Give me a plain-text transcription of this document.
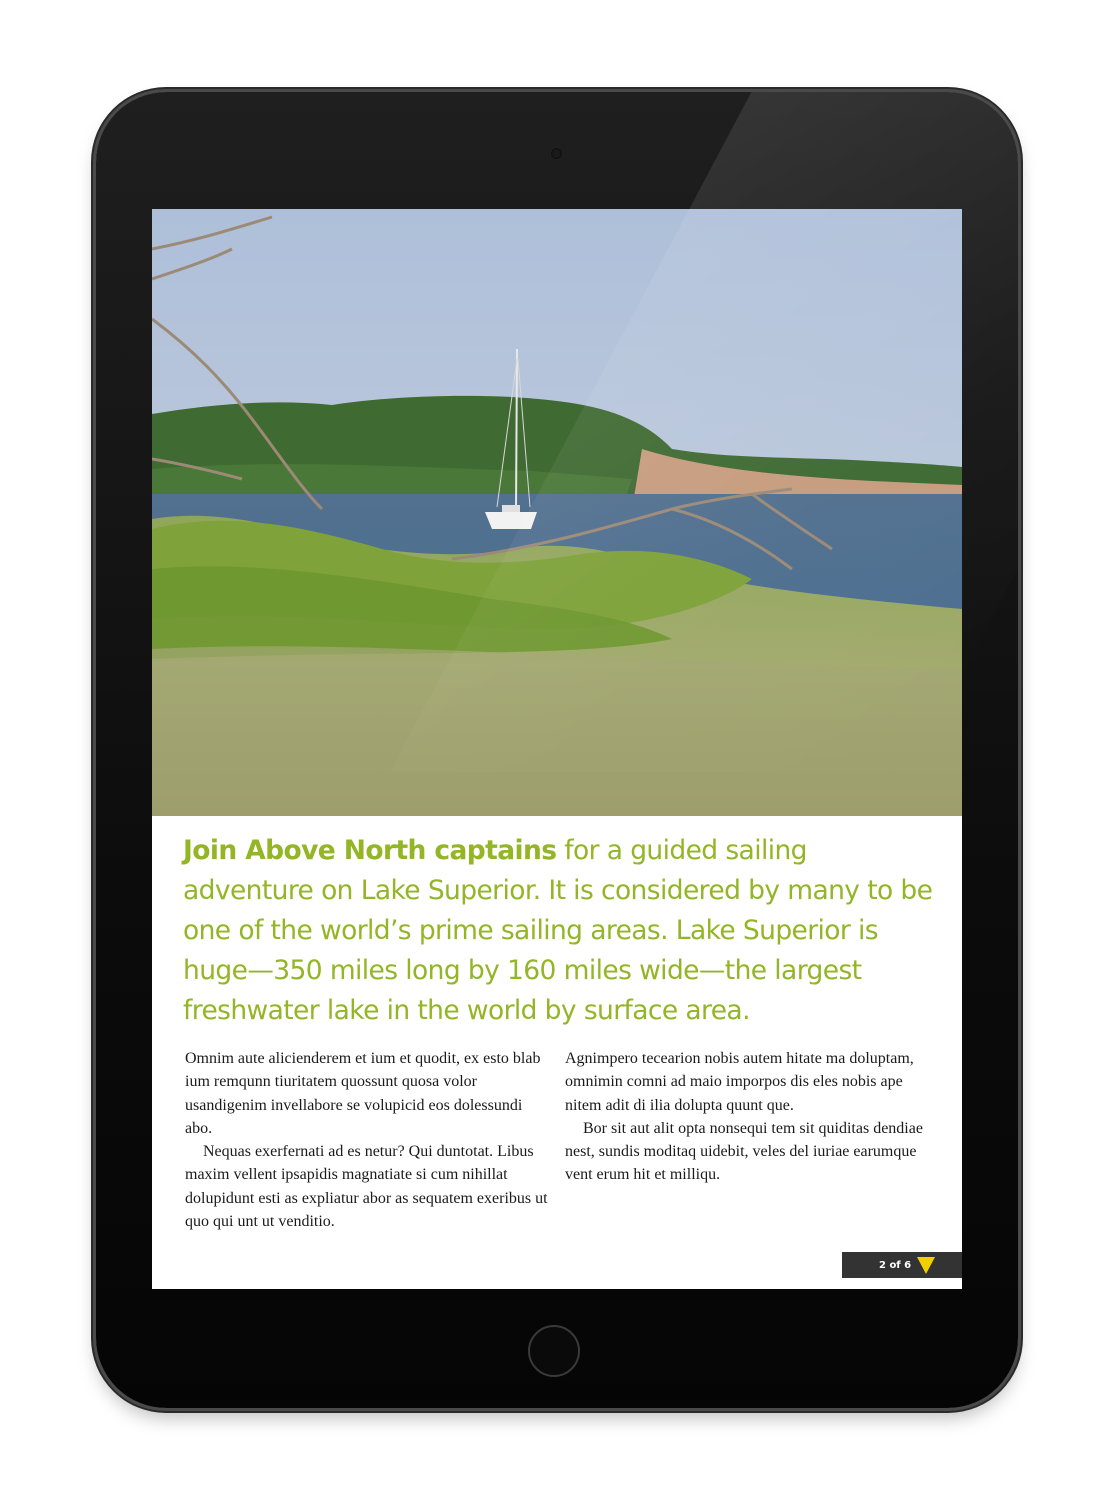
Join Above North captains for a guided sailing adventure on Lake Superior. It is considered by many to be one of the world’s prime sailing areas. Lake Superior is huge—350 miles long by 160 miles wide—the largest freshwater lake in the world by surface area.

Omnim aute alicienderem et ium et quodit, ex esto blab ium remqunn tiuritatem quossunt quosa volor usandigenim invellabore se volupicid eos dolessundi abo.

Nequas exerfernati ad es netur? Qui duntotat. Libus maxim vellent ipsapidis magnatiate si cum nihillat dolupidunt esti as expliatur abor as sequatem exeribus ut quo qui unt ut venditio.

Agnimpero tecearion nobis autem hitate ma doluptam, omnimin comni ad maio imporpos dis eles nobis ape nitem adit di ilia dolupta quunt que.

Bor sit aut alit opta nonsequi tem sit quiditas dendiae nest, sundis moditaq uidebit, veles del iuriae earumque vent erum hit et milliqu.

2 of 6
